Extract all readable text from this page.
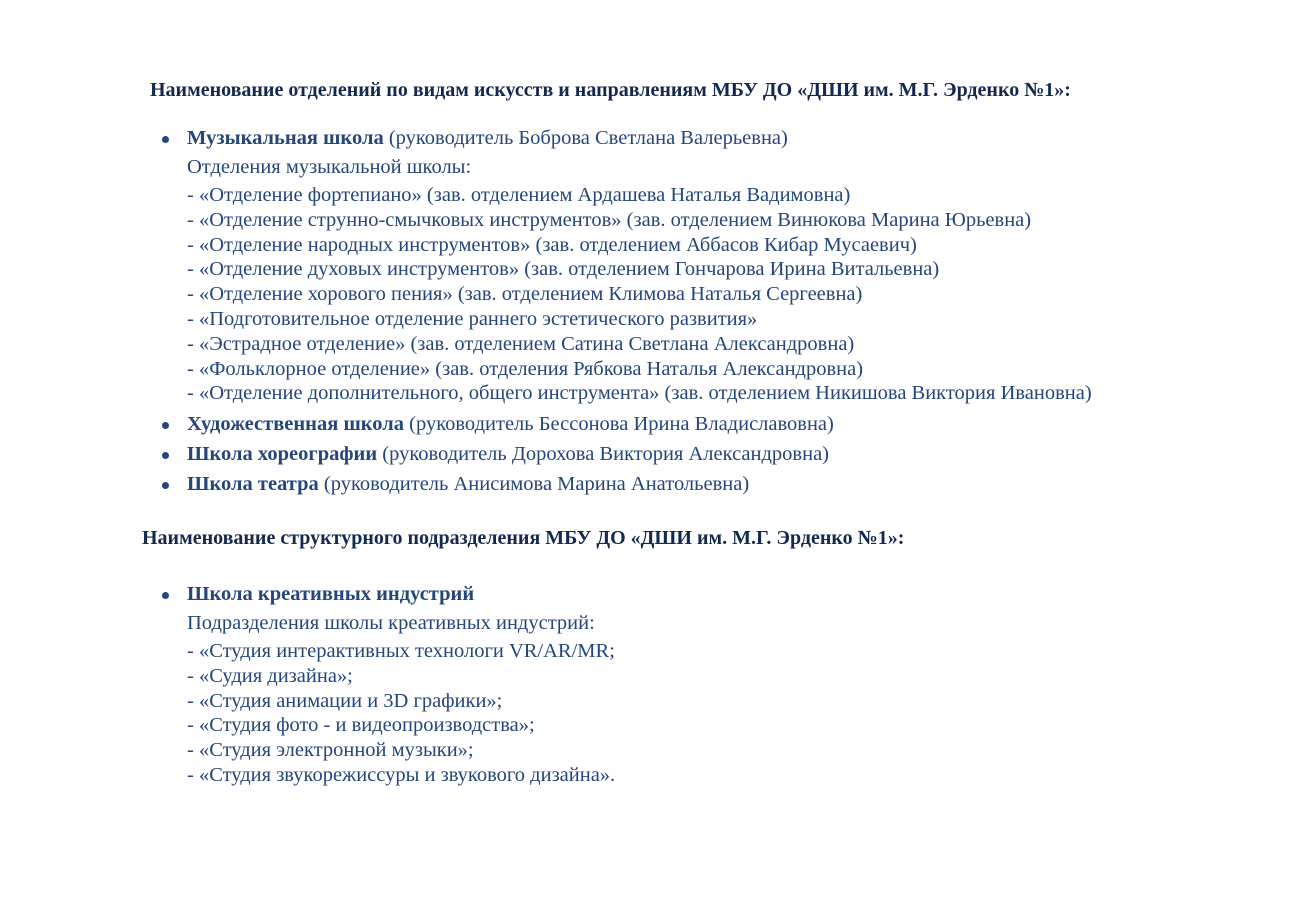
Наименование отделений по видам искусств и направлениям МБУ ДО «ДШИ им. М.Г. Эрденко №1»:
Музыкальная школа (руководитель Боброва Светлана Валерьевна)
Отделения музыкальной школы:
- «Отделение фортепиано» (зав. отделением Ардашева Наталья Вадимовна)
- «Отделение струнно-смычковых инструментов» (зав. отделением Винюкова Марина Юрьевна)
- «Отделение народных инструментов» (зав. отделением Аббасов Кибар Мусаевич)
- «Отделение духовых инструментов» (зав. отделением Гончарова Ирина Витальевна)
- «Отделение хорового пения» (зав. отделением Климова Наталья Сергеевна)
- «Подготовительное отделение раннего эстетического развития»
- «Эстрадное отделение» (зав. отделением Сатина Светлана Александровна)
- «Фольклорное отделение» (зав. отделения Рябкова Наталья Александровна)
- «Отделение дополнительного, общего инструмента» (зав. отделением Никишова Виктория Ивановна)
Художественная школа (руководитель Бессонова Ирина Владиславовна)
Школа хореографии (руководитель Дорохова Виктория Александровна)
Школа театра (руководитель Анисимова Марина Анатольевна)
Наименование структурного подразделения МБУ ДО «ДШИ им. М.Г. Эрденко №1»:
Школа креативных индустрий
Подразделения школы креативных индустрий:
- «Студия интерактивных технологи VR/AR/MR;
- «Судия дизайна»;
- «Студия анимации и 3D графики»;
- «Студия фото - и видеопроизводства»;
- «Студия электронной музыки»;
- «Студия звукорежиссуры и звукового дизайна».
